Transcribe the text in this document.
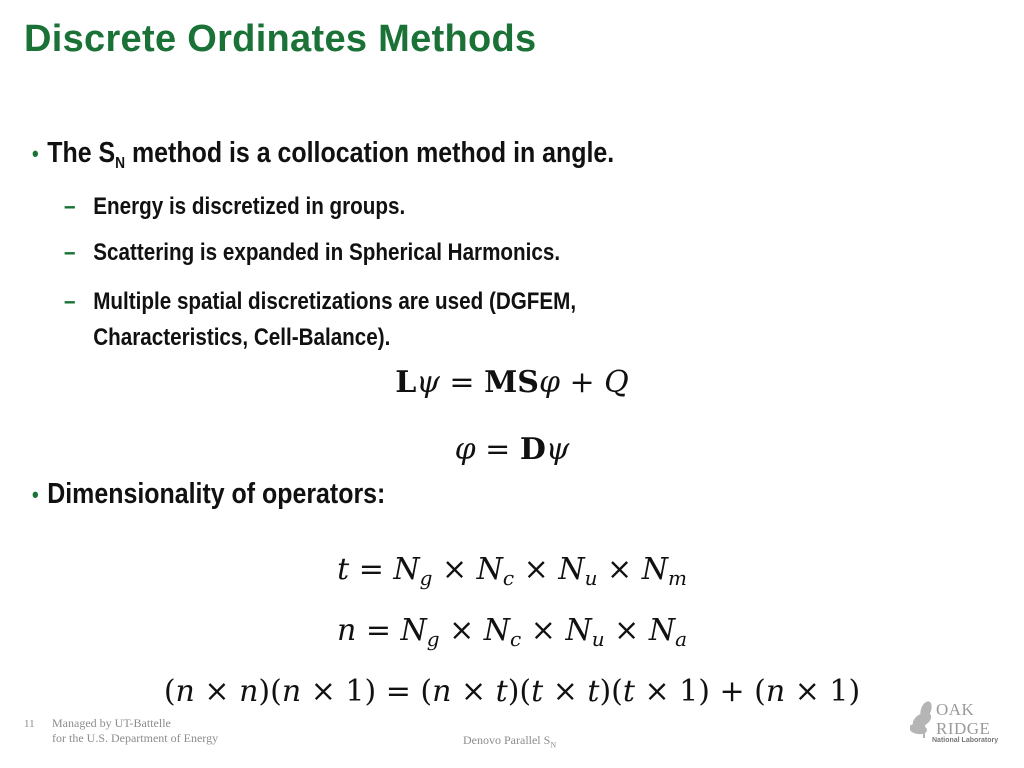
Discrete Ordinates Methods
• The $S_N$ method is a collocation method in angle.
– Energy is discretized in groups.
– Scattering is expanded in Spherical Harmonics.
– Multiple spatial discretizations are used (DGFEM,
Characteristics, Cell-Balance).
Lψ = MSφ + Q
φ = Dψ
• Dimensionality of operators:
$t = N_g \times N_c \times N_u \times N_m$
$n = N_g \times N_c \times N_u \times N_a$
(n × n)(n × 1) = (n × t)(t × t)(t × 1) + (n × 1)
11 Managed by UT-Battelle
for the U.S. Department of Energy	Denovo Parallel $S_N$
OAK
RIDGE
National Laboratory
